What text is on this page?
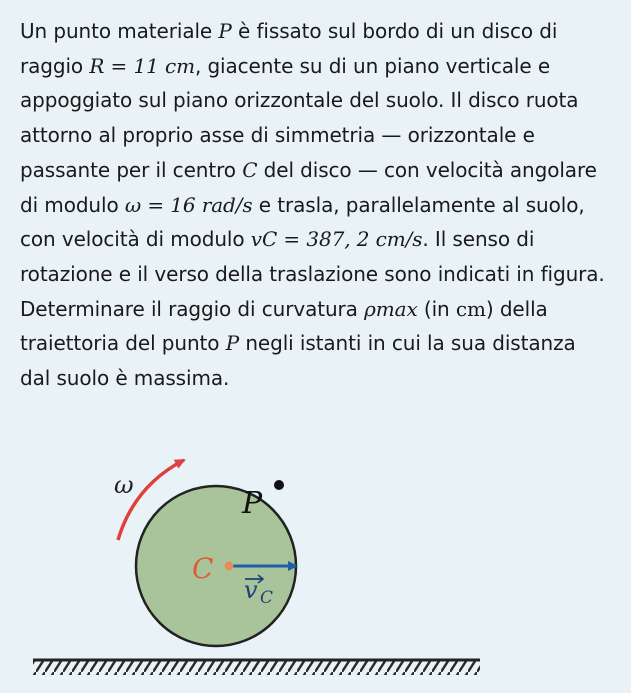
Un punto materiale P è fissato sul bordo di un disco di raggio R = 11 cm, giacente su di un piano verticale e appoggiato sul piano orizzontale del suolo. Il disco ruota attorno al proprio asse di simmetria — orizzontale e passante per il centro C del disco — con velocità angolare di modulo ω = 16 rad/s e trasla, parallelamente al suolo, con velocità di modulo vC = 387, 2 cm/s. Il senso di rotazione e il verso della traslazione sono indicati in figura. Determinare il raggio di curvatura ρmax (in cm) della traiettoria del punto P negli istanti in cui la sua distanza dal suolo è massima.

ω
P
C
v C
